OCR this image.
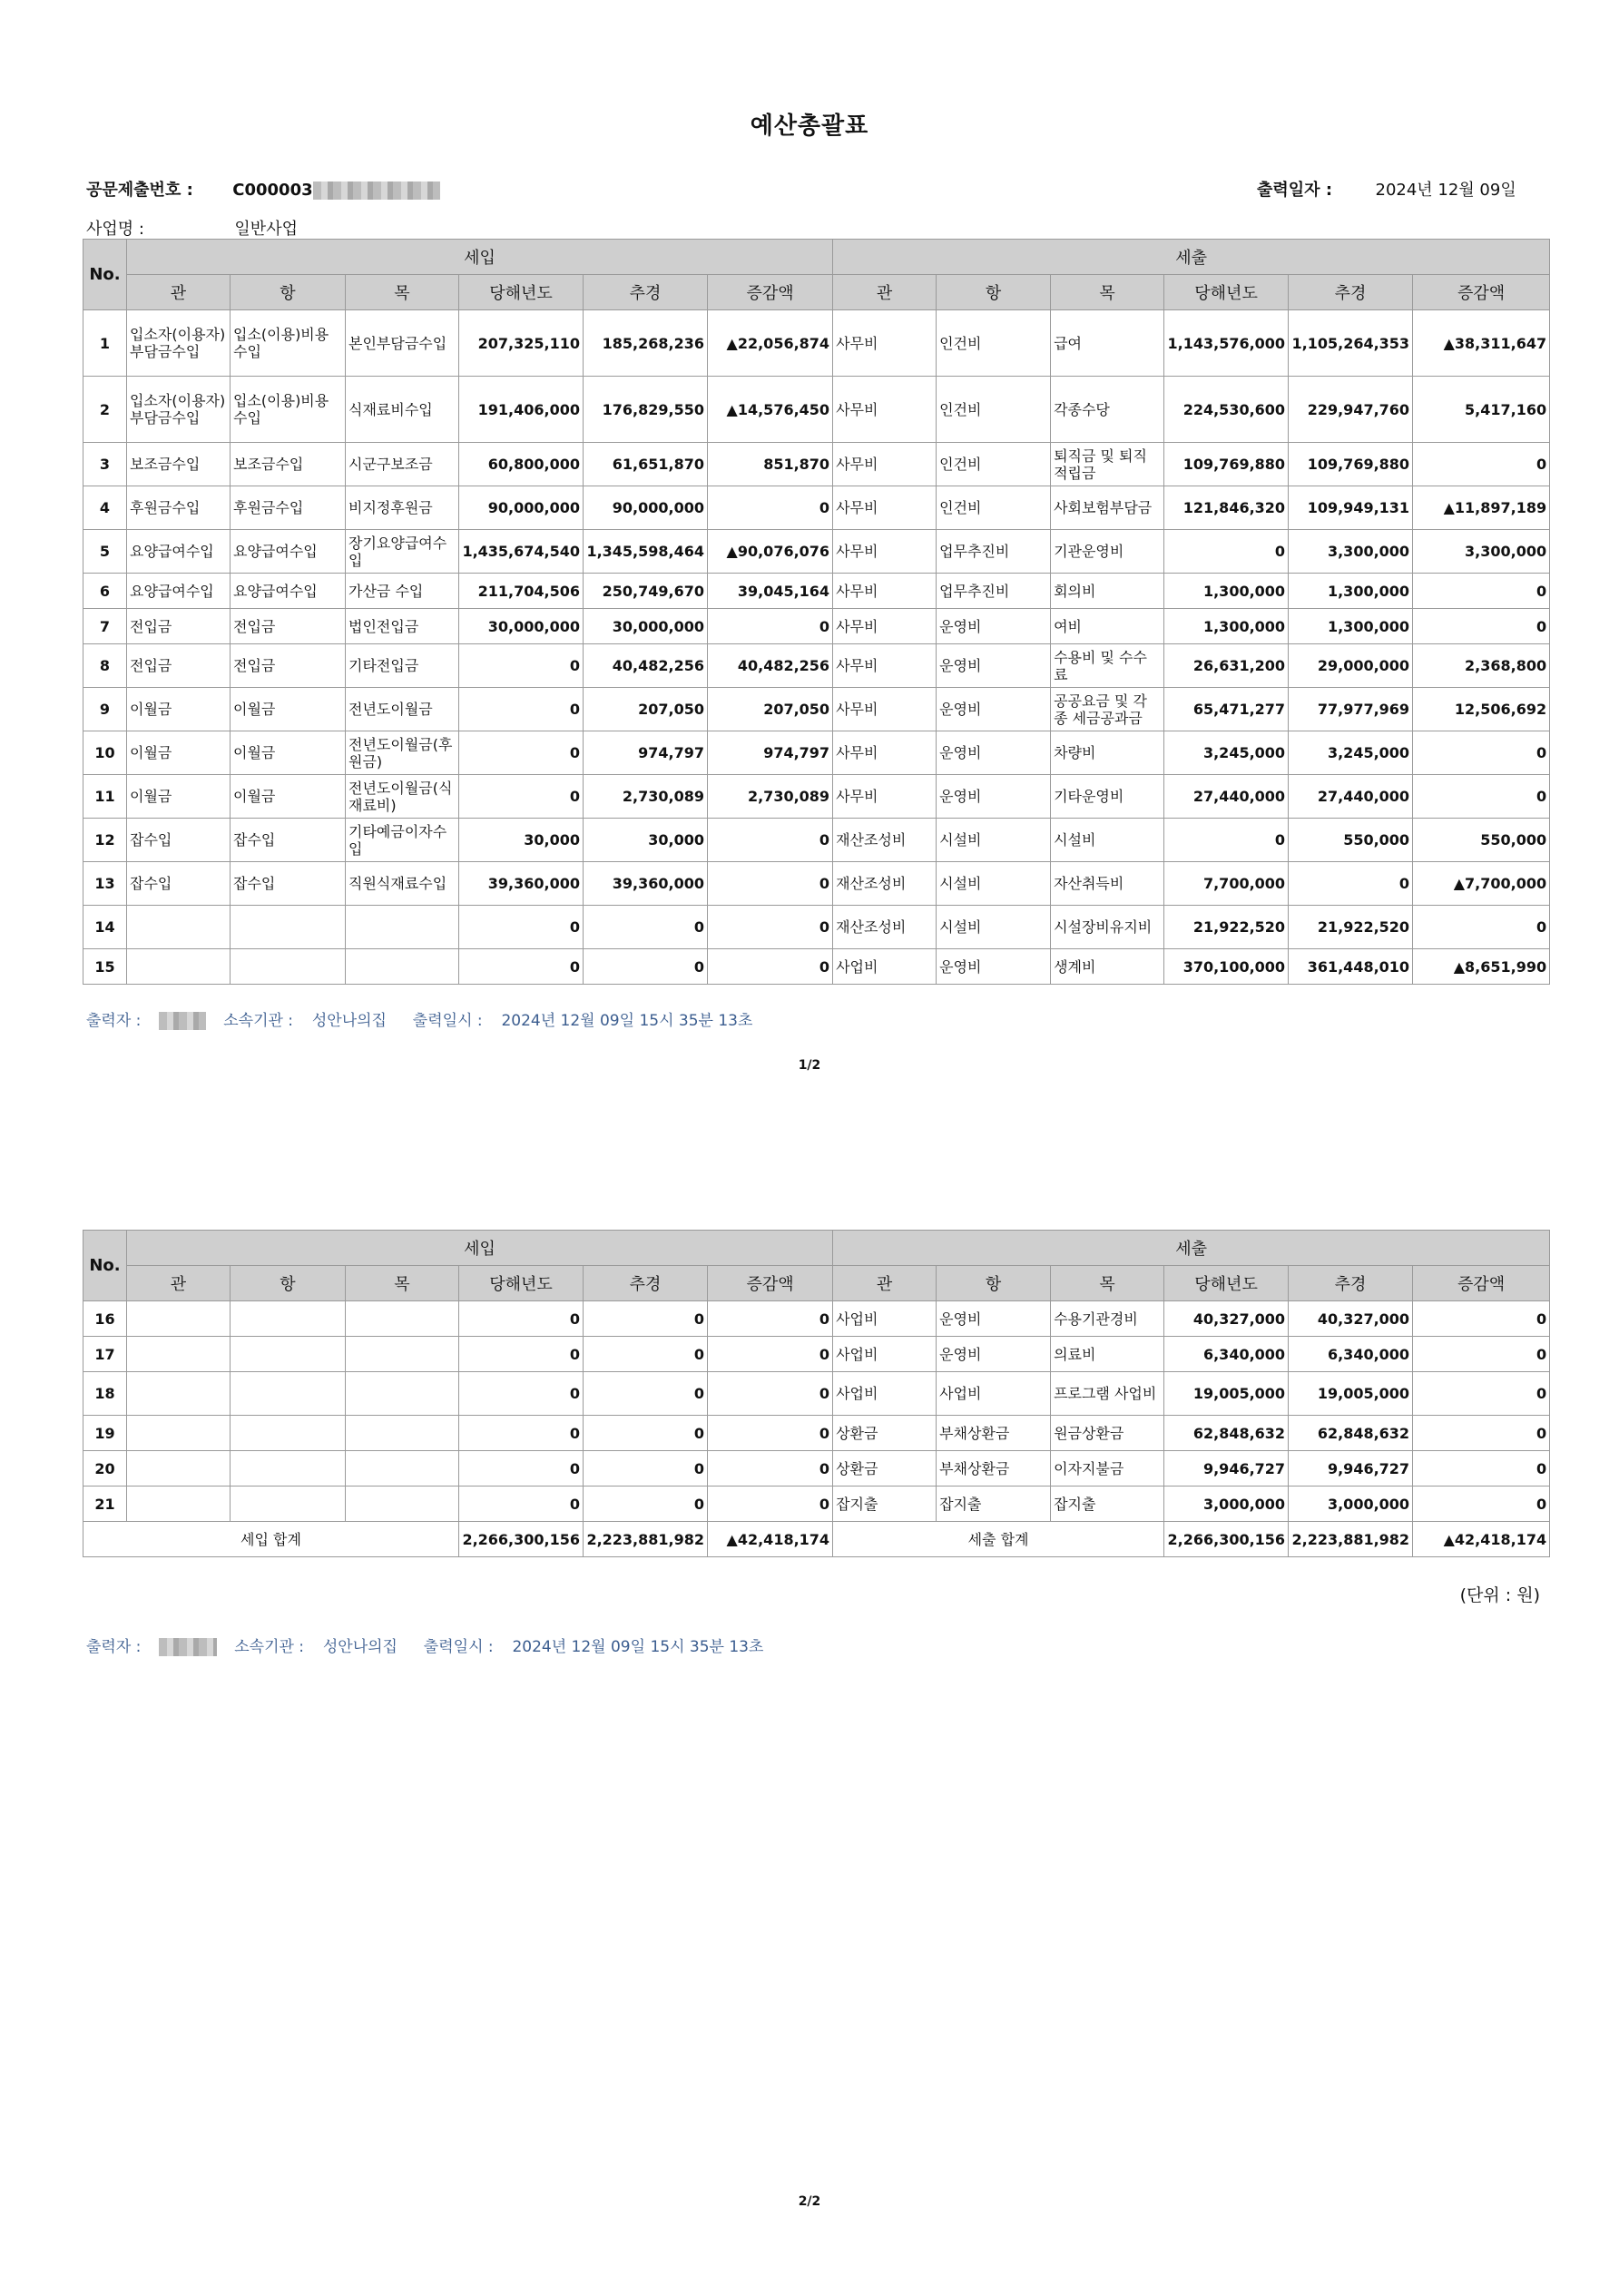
예산총괄표
공문제출번호 : C000003	출력일자 :	2024년 12월 09일
사업명 :	일반사업
No.	세입						세출					
	관	항	목	당해년도	추경	증감액	관	항	목	당해년도	추경	증감액
1	입소자(이용자)부담금수입	입소(이용)비용수입	본인부담금수입	207,325,110	185,268,236	▲22,056,874	사무비	인건비	급여	1,143,576,000	1,105,264,353	▲38,311,647
2	입소자(이용자)부담금수입	입소(이용)비용수입	식재료비수입	191,406,000	176,829,550	▲14,576,450	사무비	인건비	각종수당	224,530,600	229,947,760	5,417,160
3	보조금수입	보조금수입	시군구보조금	60,800,000	61,651,870	851,870	사무비	인건비	퇴직금 및 퇴직적립금	109,769,880	109,769,880	0
4	후원금수입	후원금수입	비지정후원금	90,000,000	90,000,000	0	사무비	인건비	사회보험부담금	121,846,320	109,949,131	▲11,897,189
5	요양급여수입	요양급여수입	장기요양급여수입	1,435,674,540	1,345,598,464	▲90,076,076	사무비	업무추진비	기관운영비	0	3,300,000	3,300,000
6	요양급여수입	요양급여수입	가산금 수입	211,704,506	250,749,670	39,045,164	사무비	업무추진비	회의비	1,300,000	1,300,000	0
7	전입금	전입금	법인전입금	30,000,000	30,000,000	0	사무비	운영비	여비	1,300,000	1,300,000	0
8	전입금	전입금	기타전입금	0	40,482,256	40,482,256	사무비	운영비	수용비 및 수수료	26,631,200	29,000,000	2,368,800
9	이월금	이월금	전년도이월금	0	207,050	207,050	사무비	운영비	공공요금 및 각종 세금공과금	65,471,277	77,977,969	12,506,692
10	이월금	이월금	전년도이월금(후원금)	0	974,797	974,797	사무비	운영비	차량비	3,245,000	3,245,000	0
11	이월금	이월금	전년도이월금(식재료비)	0	2,730,089	2,730,089	사무비	운영비	기타운영비	27,440,000	27,440,000	0
12	잡수입	잡수입	기타예금이자수입	30,000	30,000	0	재산조성비	시설비	시설비	0	550,000	550,000
13	잡수입	잡수입	직원식재료수입	39,360,000	39,360,000	0	재산조성비	시설비	자산취득비	7,700,000	0	▲7,700,000
14				0	0	0	재산조성비	시설비	시설장비유지비	21,922,520	21,922,520	0
15				0	0	0	사업비	운영비	생계비	370,100,000	361,448,010	▲8,651,990
출력자 :	소속기관 : 성안나의집 출력일시 : 2024년 12월 09일 15시 35분 13초
1/2
No.	세입						세출					
	관	항	목	당해년도	추경	증감액	관	항	목	당해년도	추경	증감액
16				0	0	0	사업비	운영비	수용기관경비	40,327,000	40,327,000	0
17				0	0	0	사업비	운영비	의료비	6,340,000	6,340,000	0
18				0	0	0	사업비	사업비	프로그램 사업비	19,005,000	19,005,000	0
19				0	0	0	상환금	부채상환금	원금상환금	62,848,632	62,848,632	0
20				0	0	0	상환금	부채상환금	이자지불금	9,946,727	9,946,727	0
21				0	0	0	잡지출	잡지출	잡지출	3,000,000	3,000,000	0
세입 합계				2,266,300,156	2,223,881,982	▲42,418,174	세출 합계			2,266,300,156	2,223,881,982	▲42,418,174
(단위 : 원)
출력자 :	소속기관 : 성안나의집 출력일시 : 2024년 12월 09일 15시 35분 13초
2/2
